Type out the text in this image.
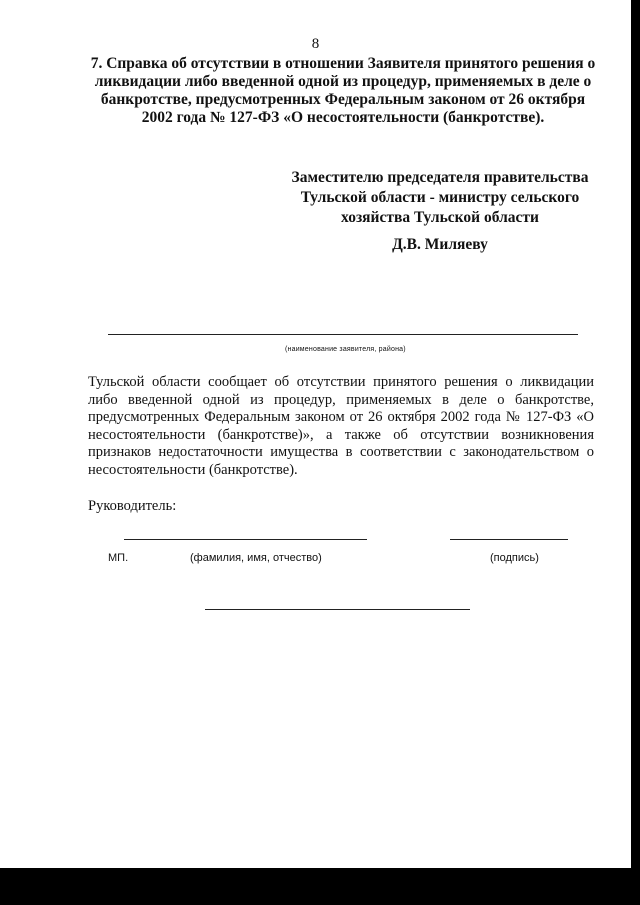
8

7. Справка об отсутствии в отношении Заявителя принятого решения о ликвидации либо введенной одной из процедур, применяемых в деле о банкротстве, предусмотренных Федеральным законом от 26 октября 2002 года № 127-ФЗ «О несостоятельности (банкротстве).

Заместителю председателя правительства
Тульской области - министру сельского
хозяйства Тульской области
Д.В. Миляеву
(наименование заявителя, района)

Тульской области сообщает об отсутствии принятого решения о ликвидации либо введенной одной из процедур, применяемых в деле о банкротстве, предусмотренных Федеральным законом от 26 октября 2002 года № 127-ФЗ «О несостоятельности (банкротстве)», а также об отсутствии возникновения признаков недостаточности имущества в соответствии с законодательством о несостоятельности (банкротстве).

Руководитель:
МП.	(фамилия, имя, отчество)	(подпись)
